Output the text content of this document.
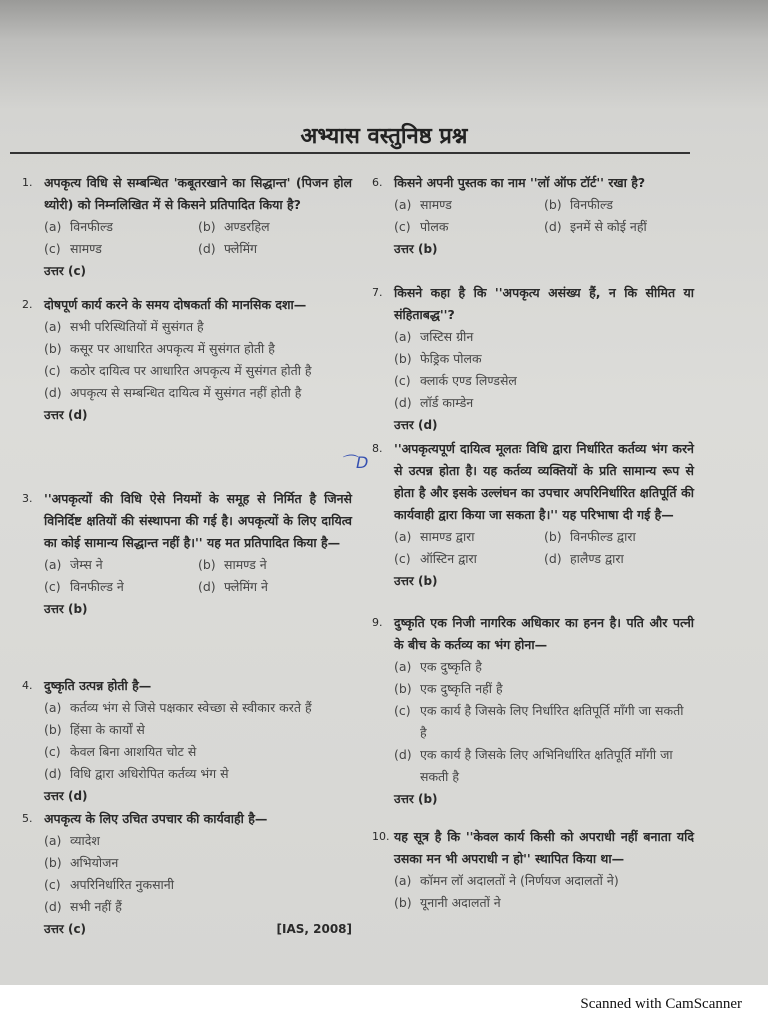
अभ्यास वस्तुनिष्ठ प्रश्न
1. अपकृत्य विधि से सम्बन्धित 'कबूतरखाने का सिद्धान्त' (पिजन होल थ्योरी) को निम्नलिखित में से किसने प्रतिपादित किया है?
(a) विनफील्ड	(b) अण्डरहिल
(c) सामण्ड	(d) फ्लेमिंग
उत्तर (c)
2. दोषपूर्ण कार्य करने के समय दोषकर्ता की मानसिक दशा—
(a) सभी परिस्थितियों में सुसंगत है
(b) कसूर पर आधारित अपकृत्य में सुसंगत होती है
(c) कठोर दायित्व पर आधारित अपकृत्य में सुसंगत होती है
(d) अपकृत्य से सम्बन्धित दायित्व में सुसंगत नहीं होती है
उत्तर (d)
3. ''अपकृत्यों की विधि ऐसे नियमों के समूह से निर्मित है जिनसे विनिर्दिष्ट क्षतियों की संस्थापना की गई है। अपकृत्यों के लिए दायित्व का कोई सामान्य सिद्धान्त नहीं है।'' यह मत प्रतिपादित किया है—
(a) जेम्स ने	(b) सामण्ड ने
(c) विनफील्ड ने	(d) फ्लेमिंग ने
उत्तर (b)
4. दुष्कृति उत्पन्न होती है—
(a) कर्तव्य भंग से जिसे पक्षकार स्वेच्छा से स्वीकार करते हैं
(b) हिंसा के कार्यों से
(c) केवल बिना आशयित चोट से
(d) विधि द्वारा अधिरोपित कर्तव्य भंग से
उत्तर (d)
5. अपकृत्य के लिए उचित उपचार की कार्यवाही है—
(a) व्यादेश
(b) अभियोजन
(c) अपरिनिर्धारित नुकसानी
(d) सभी नहीं हैं
उत्तर (c)	[IAS, 2008]
6. किसने अपनी पुस्तक का नाम ''लॉ ऑफ टॉर्ट'' रखा है?
(a) सामण्ड	(b) विनफील्ड
(c) पोलक	(d) इनमें से कोई नहीं
उत्तर (b)
7. किसने कहा है कि ''अपकृत्य असंख्य हैं, न कि सीमित या संहिताबद्ध''?
(a) जस्टिस ग्रीन
(b) फेड्रिक पोलक
(c) क्लार्क एण्ड लिण्डसेल
(d) लॉर्ड काम्डेन
उत्तर (d)
8. ''अपकृत्यपूर्ण दायित्व मूलतः विधि द्वारा निर्धारित कर्तव्य भंग करने से उत्पन्न होता है। यह कर्तव्य व्यक्तियों के प्रति सामान्य रूप से होता है और इसके उल्लंघन का उपचार अपरिनिर्धारित क्षतिपूर्ति की कार्यवाही द्वारा किया जा सकता है।'' यह परिभाषा दी गई है—
(a) सामण्ड द्वारा	(b) विनफील्ड द्वारा
(c) ऑस्टिन द्वारा	(d) हालैण्ड द्वारा
उत्तर (b)
9. दुष्कृति एक निजी नागरिक अधिकार का हनन है। पति और पत्नी के बीच के कर्तव्य का भंग होना—
(a) एक दुष्कृति है
(b) एक दुष्कृति नहीं है
(c) एक कार्य है जिसके लिए निर्धारित क्षतिपूर्ति माँगी जा सकती है
(d) एक कार्य है जिसके लिए अभिनिर्धारित क्षतिपूर्ति माँगी जा सकती है
उत्तर (b)
10. यह सूत्र है कि ''केवल कार्य किसी को अपराधी नहीं बनाता यदि उसका मन भी अपराधी न हो'' स्थापित किया था—
(a) कॉमन लॉ अदालतों ने (निर्णयज अदालतों ने)
(b) यूनानी अदालतों ने
⌒D
Scanned with CamScanner
